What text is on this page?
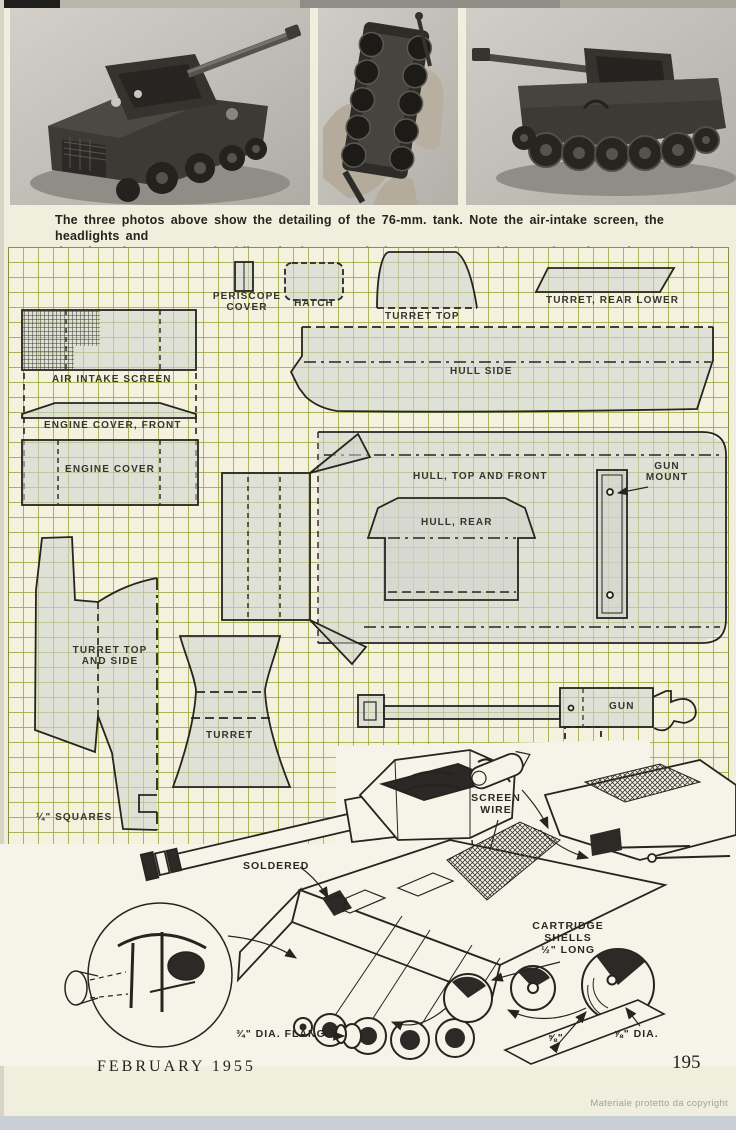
The three photos above show the detailing of the 76-mm. tank. Note the air-intake screen, the headlights and
PERISCOPE
COVER	HATCH
TURRET TOP
TURRET, REAR LOWER
AIR INTAKE SCREEN
HULL SIDE
ENGINE COVER, FRONT
ENGINE COVER
HULL, TOP AND FRONT
GUN
MOUNT
HULL, REAR
TURRET TOP
AND SIDE
TURRET
GUN
¼" SQUARES
SCREEN
WIRE
SOLDERED
CARTRIDGE
SHELLS
½" LONG
¾" DIA. FLANGE	⅝"	⅞" DIA.
FEBRUARY 1955	195
Materiale protetto da copyright
